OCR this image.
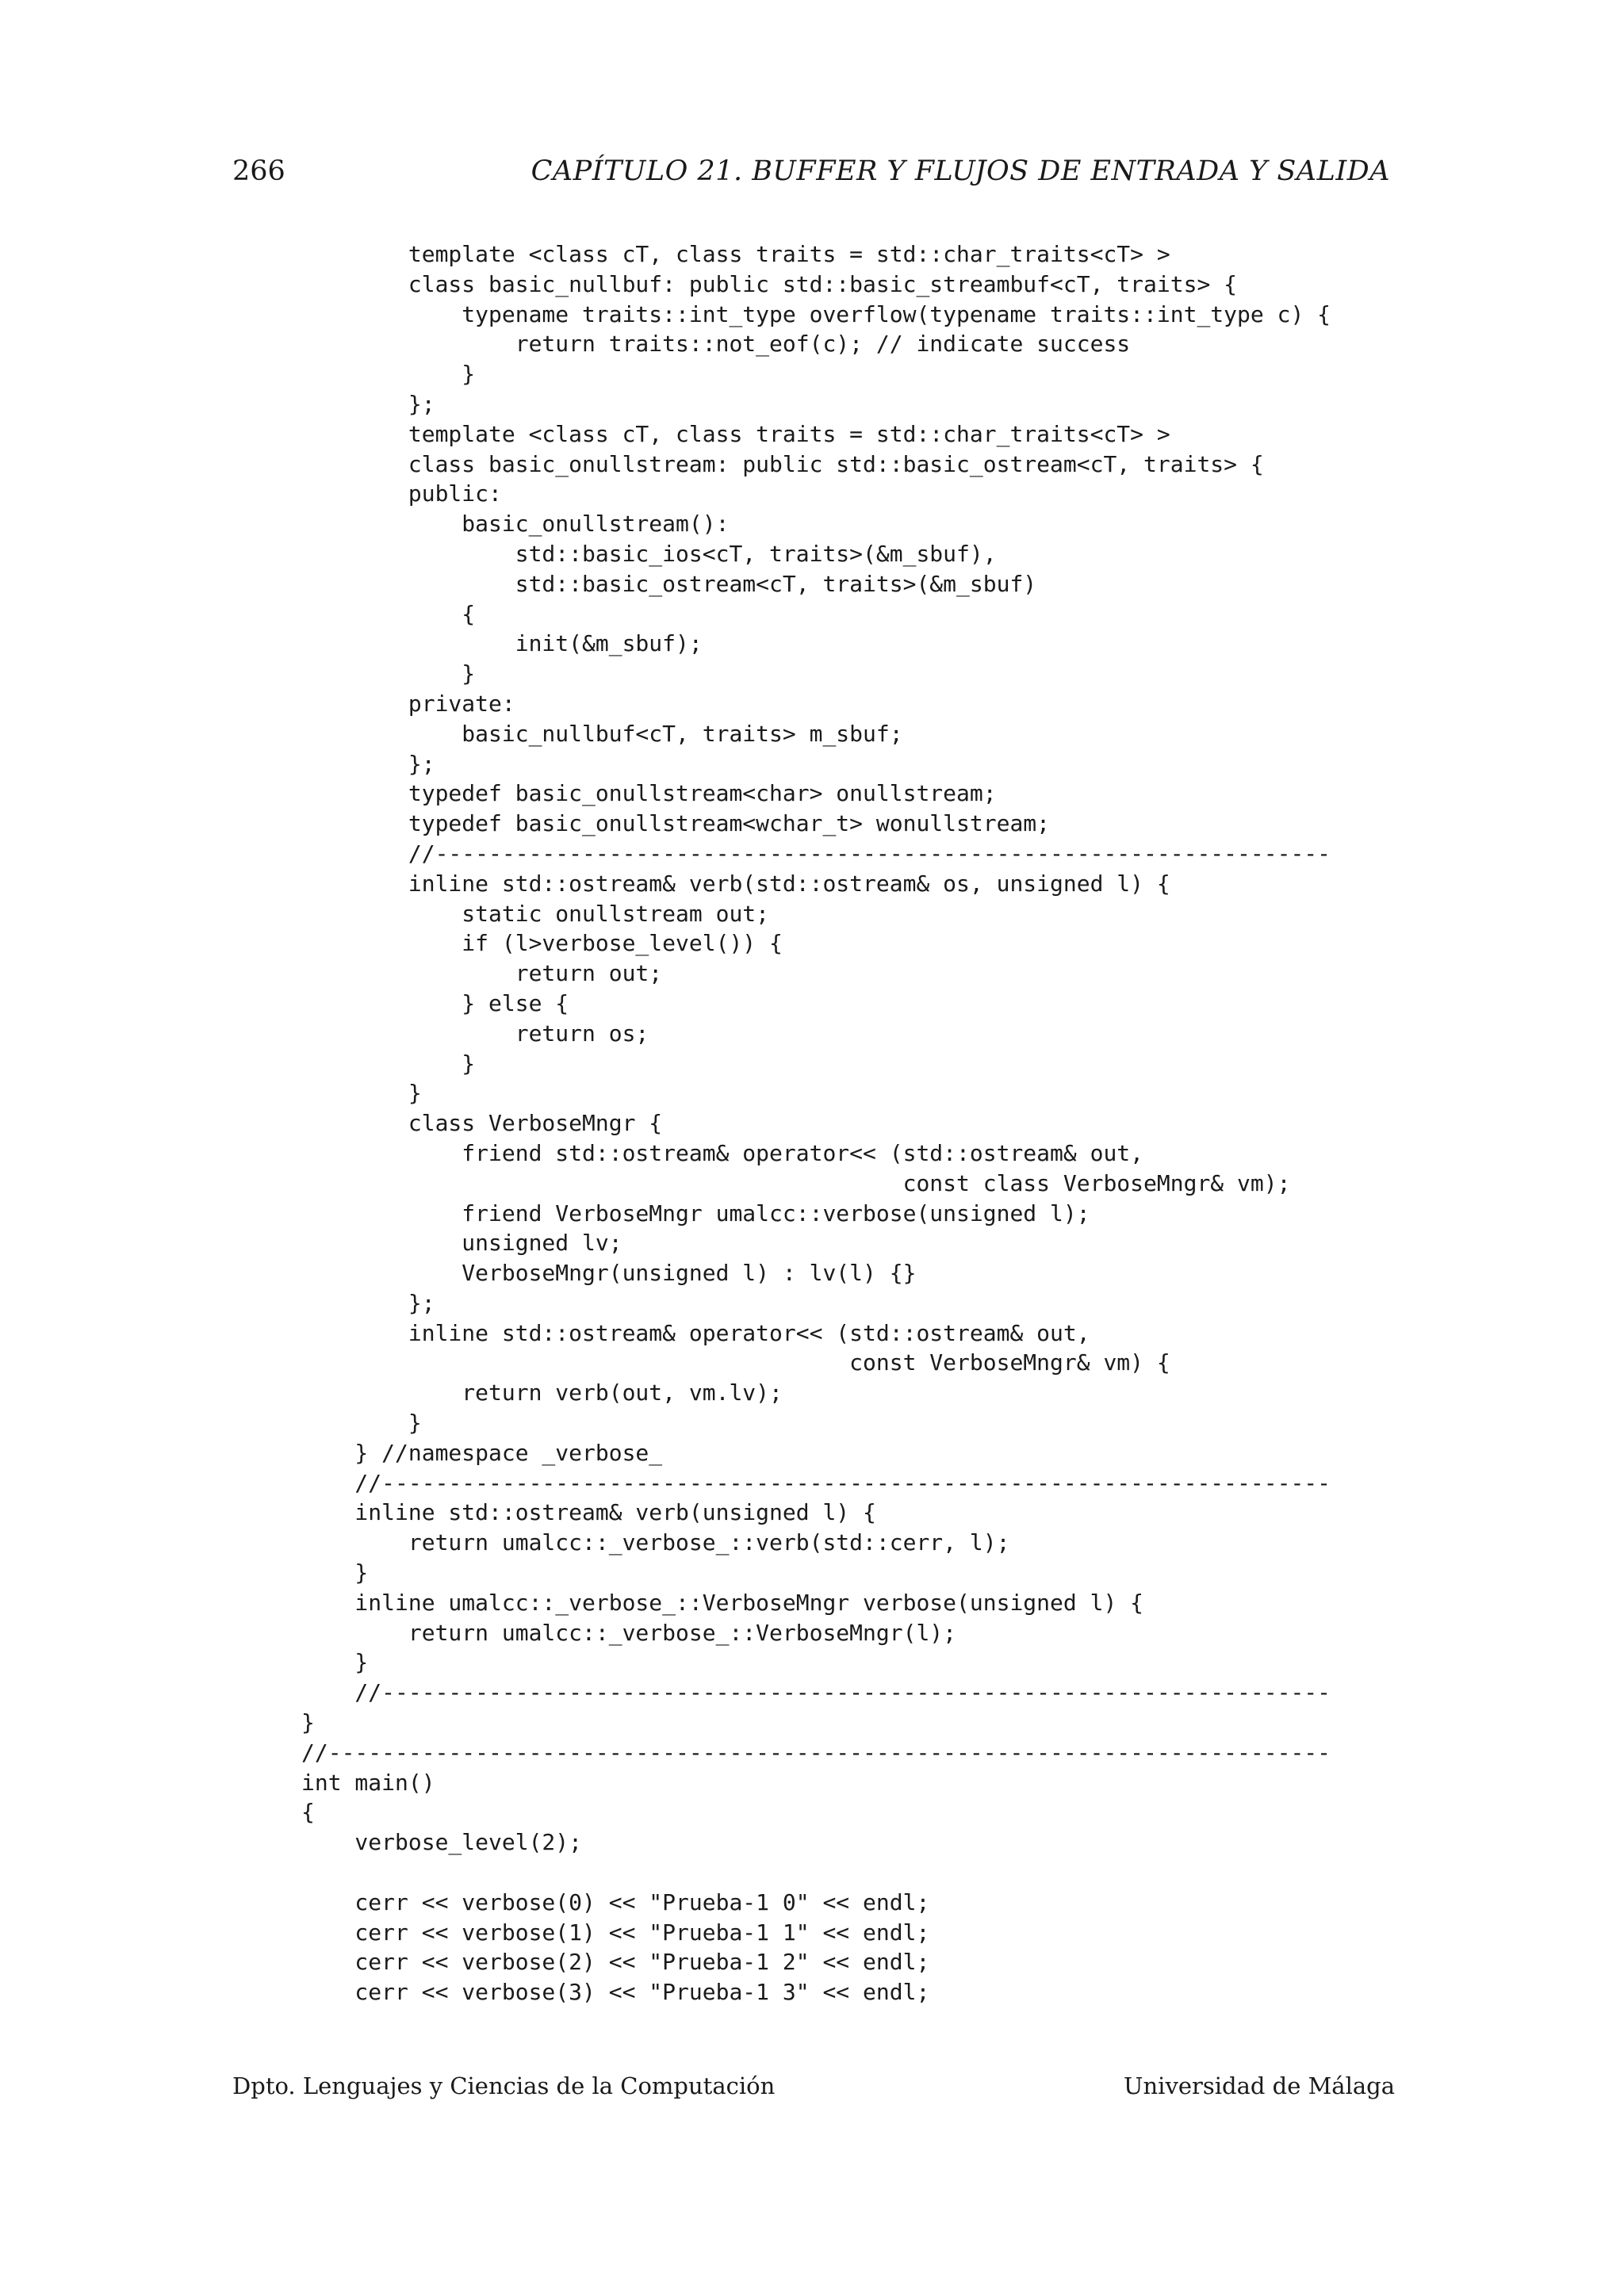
266	CAPÍTULO 21. BUFFER Y FLUJOS DE ENTRADA Y SALIDA
template <class cT, class traits = std::char_traits<cT> >
class basic_nullbuf: public std::basic_streambuf<cT, traits> {
typename traits::int_type overflow(typename traits::int_type c) {
return traits::not_eof(c); // indicate success
}
};
template <class cT, class traits = std::char_traits<cT> >
class basic_onullstream: public std::basic_ostream<cT, traits> {
public:
basic_onullstream():
std::basic_ios<cT, traits>(&m_sbuf),
std::basic_ostream<cT, traits>(&m_sbuf)
{
init(&m_sbuf);
}
private:
basic_nullbuf<cT, traits> m_sbuf;
};
typedef basic_onullstream<char> onullstream;
typedef basic_onullstream<wchar_t> wonullstream;
//-------------------------------------------------------------------
inline std::ostream& verb(std::ostream& os, unsigned l) {
static onullstream out;
if (l>verbose_level()) {
return out;
} else {
return os;
}
}
class VerboseMngr {
friend std::ostream& operator<< (std::ostream& out,
const class VerboseMngr& vm);
friend VerboseMngr umalcc::verbose(unsigned l);
unsigned lv;
VerboseMngr(unsigned l) : lv(l) {}
};
inline std::ostream& operator<< (std::ostream& out,
const VerboseMngr& vm) {
return verb(out, vm.lv);
}
} //namespace _verbose_
//-----------------------------------------------------------------------
inline std::ostream& verb(unsigned l) {
return umalcc::_verbose_::verb(std::cerr, l);
}
inline umalcc::_verbose_::VerboseMngr verbose(unsigned l) {
return umalcc::_verbose_::VerboseMngr(l);
}
//-----------------------------------------------------------------------
}
//---------------------------------------------------------------------------
int main()
{
verbose_level(2);
cerr << verbose(0) << "Prueba-1 0" << endl;
cerr << verbose(1) << "Prueba-1 1" << endl;
cerr << verbose(2) << "Prueba-1 2" << endl;
cerr << verbose(3) << "Prueba-1 3" << endl;
Dpto. Lenguajes y Ciencias de la Computación	Universidad de Málaga
